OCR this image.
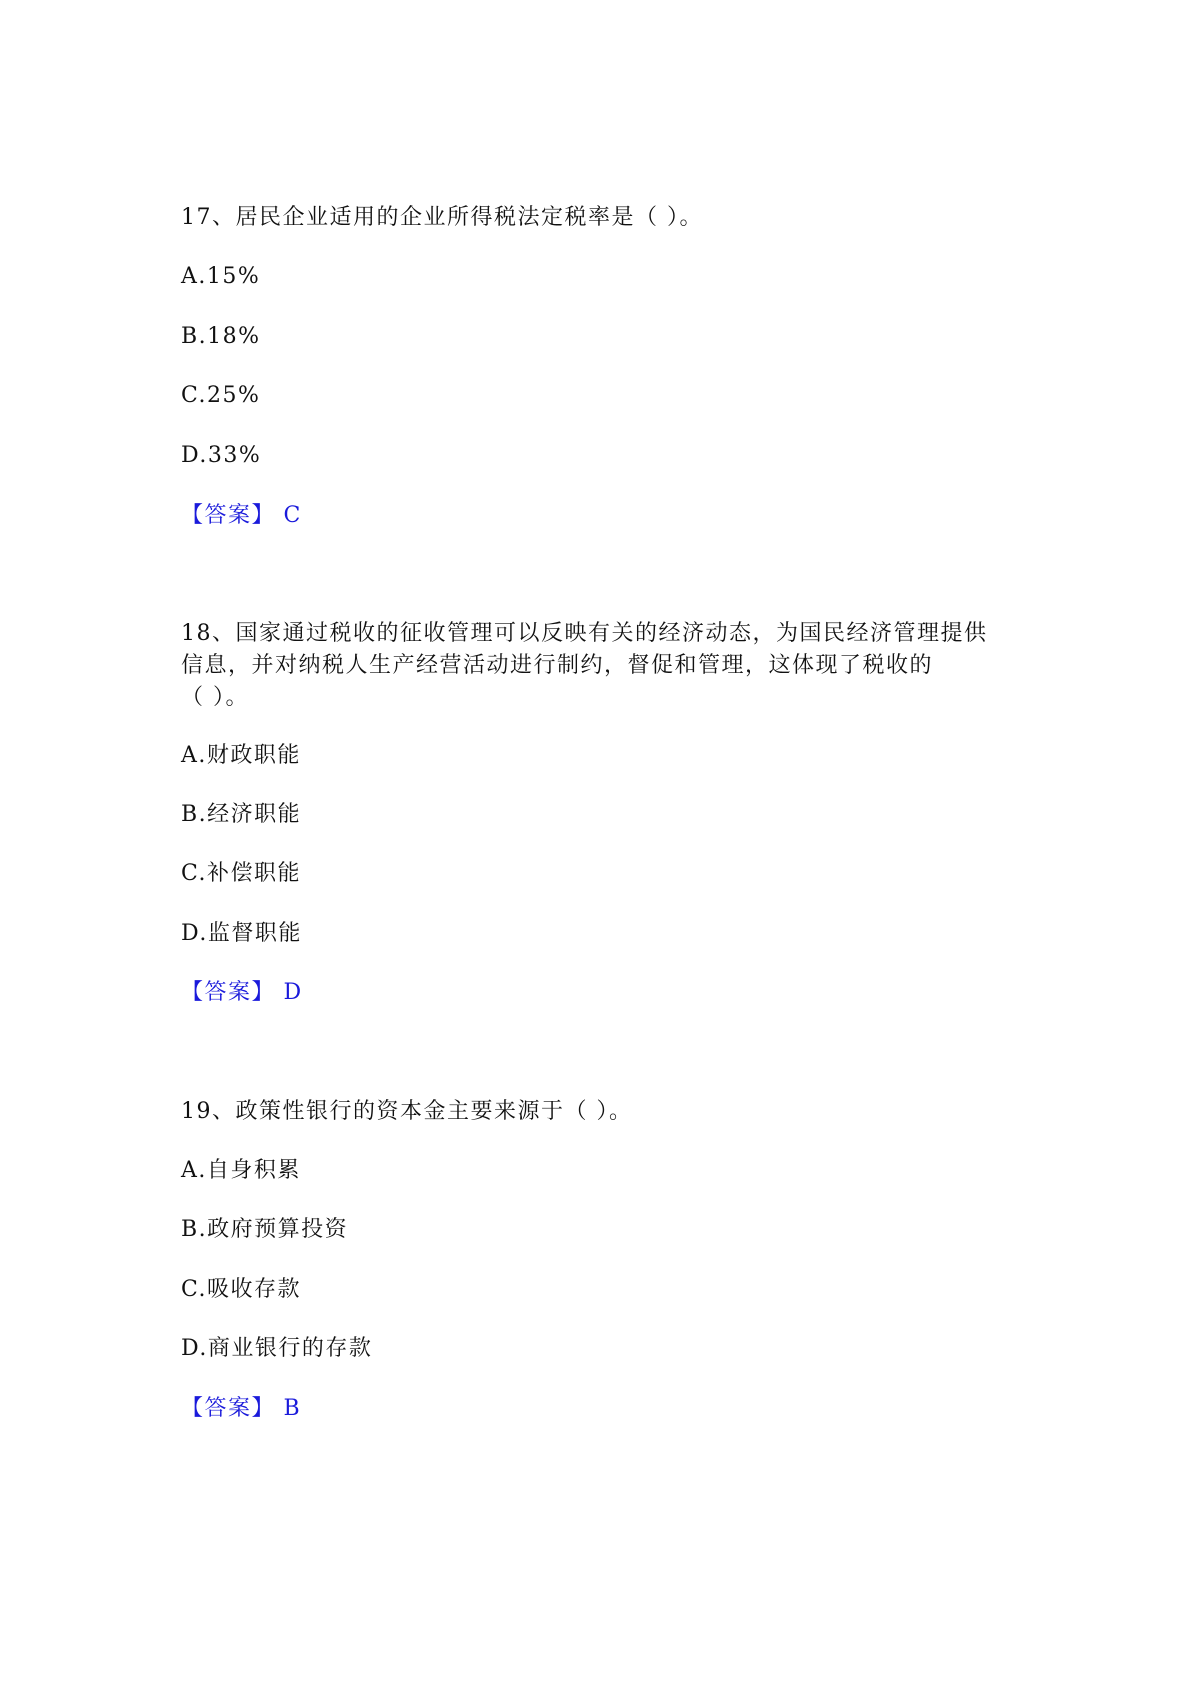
17、居民企业适用的企业所得税法定税率是（ ）。
A.15%
B.18%
C.25%
D.33%
【答案】 C
18、国家通过税收的征收管理可以反映有关的经济动态，为国民经济管理提供
信息，并对纳税人生产经营活动进行制约，督促和管理，这体现了税收的
（ ）。
A.财政职能
B.经济职能
C.补偿职能
D.监督职能
【答案】 D
19、政策性银行的资本金主要来源于（ ）。
A.自身积累
B.政府预算投资
C.吸收存款
D.商业银行的存款
【答案】 B
